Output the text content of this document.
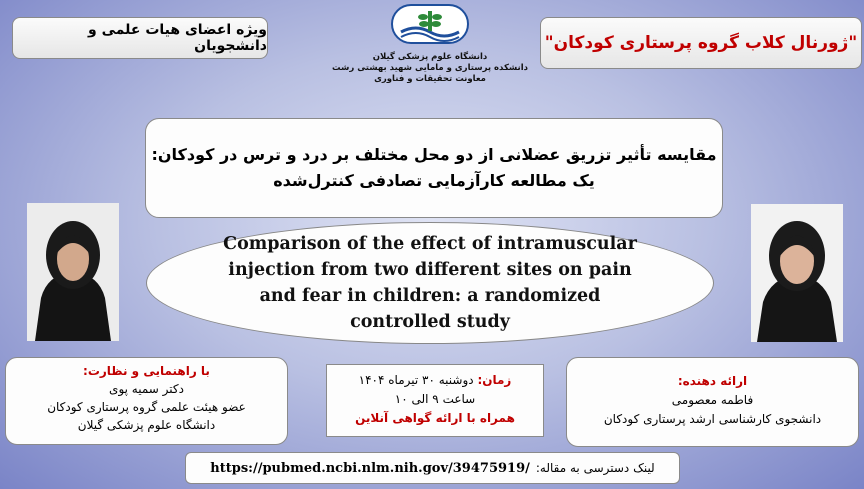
ویژه اعضای هیات علمی و دانشجویان	"ژورنال کلاب گروه پرستاری کودکان"
دانشگاه علوم پزشکی گیلان
دانشکده پرستاری و مامایی شهید بهشتی رشت
معاونت تحقیقات و فناوری
مقایسه تأثیر تزریق عضلانی از دو محل مختلف بر درد و ترس در کودکان:
یک مطالعه کارآزمایی تصادفی کنترل‌شده
Comparison of the effect of intramuscular
injection from two different sites on pain
and fear in children: a randomized
controlled study
با راهنمایی و نظارت:
دکتر سمیه پوی
عضو هیئت علمی گروه پرستاری کودکان
دانشگاه علوم پزشکی گیلان
زمان: دوشنبه ۳۰ تیرماه ۱۴۰۴
ساعت ۹ الی ۱۰
همراه با ارائه گواهی آنلاین
ارائه دهنده:
فاطمه معصومی
دانشجوی کارشناسی ارشد پرستاری کودکان
لینک دسترسی به مقاله:
https://pubmed.ncbi.nlm.nih.gov/39475919/
